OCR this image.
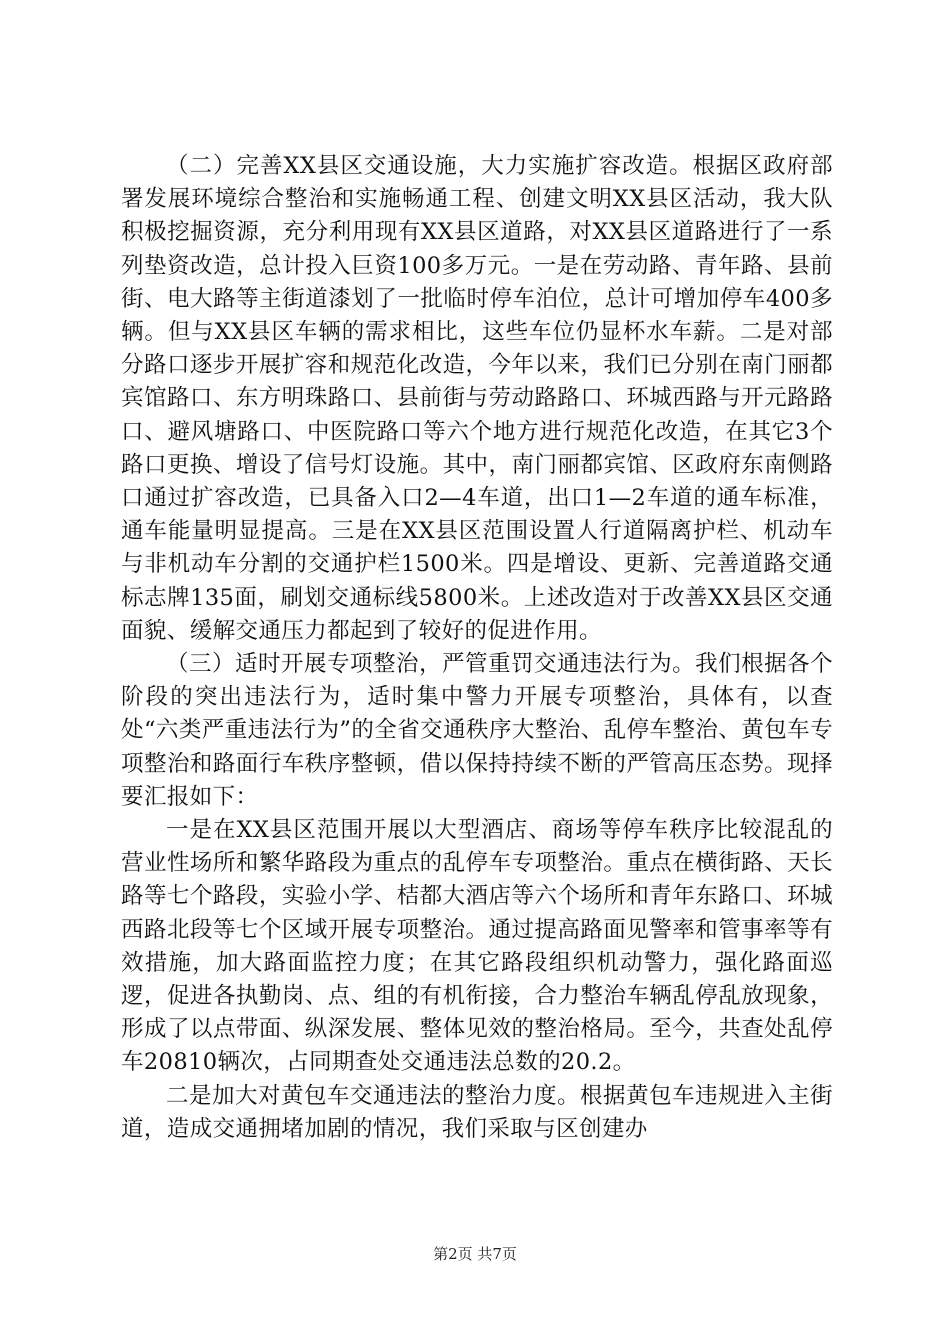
（二）完善XX县区交通设施，大力实施扩容改造。根据区政府部署发展环境综合整治和实施畅通工程、创建文明XX县区活动，我大队积极挖掘资源，充分利用现有XX县区道路，对XX县区道路进行了一系列垫资改造，总计投入巨资100多万元。一是在劳动路、青年路、县前街、电大路等主街道漆划了一批临时停车泊位，总计可增加停车400多辆。但与XX县区车辆的需求相比，这些车位仍显杯水车薪。二是对部分路口逐步开展扩容和规范化改造，今年以来，我们已分别在南门丽都宾馆路口、东方明珠路口、县前街与劳动路路口、环城西路与开元路路口、避风塘路口、中医院路口等六个地方进行规范化改造，在其它3个路口更换、增设了信号灯设施。其中，南门丽都宾馆、区政府东南侧路口通过扩容改造，已具备入口2—4车道，出口1—2车道的通车标准，通车能量明显提高。三是在XX县区范围设置人行道隔离护栏、机动车与非机动车分割的交通护栏1500米。四是增设、更新、完善道路交通标志牌135面，刷划交通标线5800米。上述改造对于改善XX县区交通面貌、缓解交通压力都起到了较好的促进作用。

（三）适时开展专项整治，严管重罚交通违法行为。我们根据各个阶段的突出违法行为，适时集中警力开展专项整治，具体有，以查处“六类严重违法行为”的全省交通秩序大整治、乱停车整治、黄包车专项整治和路面行车秩序整顿，借以保持持续不断的严管高压态势。现择要汇报如下：

一是在XX县区范围开展以大型酒店、商场等停车秩序比较混乱的营业性场所和繁华路段为重点的乱停车专项整治。重点在横街路、天长路等七个路段，实验小学、桔都大酒店等六个场所和青年东路口、环城西路北段等七个区域开展专项整治。通过提高路面见警率和管事率等有效措施，加大路面监控力度；在其它路段组织机动警力，强化路面巡逻，促进各执勤岗、点、组的有机衔接，合力整治车辆乱停乱放现象，形成了以点带面、纵深发展、整体见效的整治格局。至今，共查处乱停车20810辆次，占同期查处交通违法总数的20.2。

二是加大对黄包车交通违法的整治力度。根据黄包车违规进入主街道，造成交通拥堵加剧的情况，我们采取与区创建办

第2页 共7页
